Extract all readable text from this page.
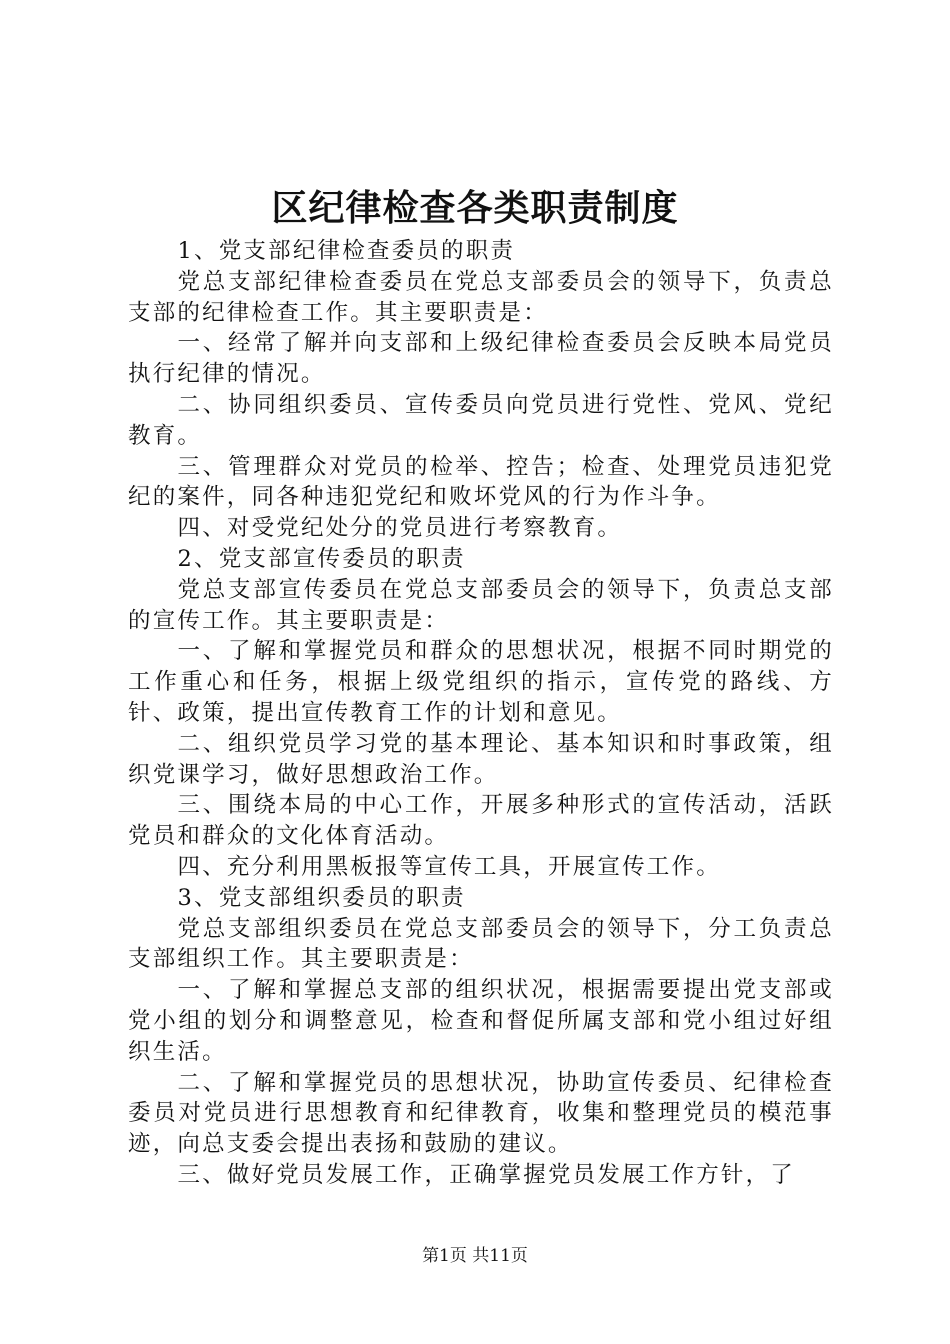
区纪律检查各类职责制度

1、党支部纪律检查委员的职责

党总支部纪律检查委员在党总支部委员会的领导下，负责总支部的纪律检查工作。其主要职责是：

一、经常了解并向支部和上级纪律检查委员会反映本局党员执行纪律的情况。

二、协同组织委员、宣传委员向党员进行党性、党风、党纪教育。

三、管理群众对党员的检举、控告；检查、处理党员违犯党纪的案件，同各种违犯党纪和败坏党风的行为作斗争。

四、对受党纪处分的党员进行考察教育。

2、党支部宣传委员的职责

党总支部宣传委员在党总支部委员会的领导下，负责总支部的宣传工作。其主要职责是：

一、了解和掌握党员和群众的思想状况，根据不同时期党的工作重心和任务，根据上级党组织的指示，宣传党的路线、方针、政策，提出宣传教育工作的计划和意见。

二、组织党员学习党的基本理论、基本知识和时事政策，组织党课学习，做好思想政治工作。

三、围绕本局的中心工作，开展多种形式的宣传活动，活跃党员和群众的文化体育活动。

四、充分利用黑板报等宣传工具，开展宣传工作。

3、党支部组织委员的职责

党总支部组织委员在党总支部委员会的领导下，分工负责总支部组织工作。其主要职责是：

一、了解和掌握总支部的组织状况，根据需要提出党支部或党小组的划分和调整意见，检查和督促所属支部和党小组过好组织生活。

二、了解和掌握党员的思想状况，协助宣传委员、纪律检查委员对党员进行思想教育和纪律教育，收集和整理党员的模范事迹，向总支委会提出表扬和鼓励的建议。

三、做好党员发展工作，正确掌握党员发展工作方针，了

第1页 共11页
